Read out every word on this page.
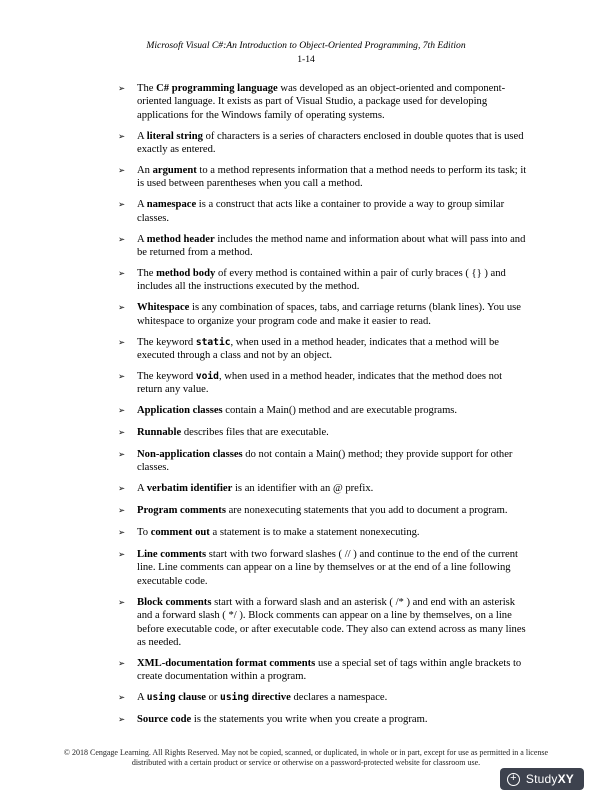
Microsoft Visual C#:An Introduction to Object-Oriented Programming, 7th Edition
1-14
➢	The C# programming language was developed as an object-oriented and component-oriented language. It exists as part of Visual Studio, a package used for developing applications for the Windows family of operating systems.
➢	A literal string of characters is a series of characters enclosed in double quotes that is used exactly as entered.
➢	An argument to a method represents information that a method needs to perform its task; it is used between parentheses when you call a method.
➢	A namespace is a construct that acts like a container to provide a way to group similar classes.
➢	A method header includes the method name and information about what will pass into and be returned from a method.
➢	The method body of every method is contained within a pair of curly braces ( {} ) and includes all the instructions executed by the method.
➢	Whitespace is any combination of spaces, tabs, and carriage returns (blank lines). You use whitespace to organize your program code and make it easier to read.
➢	The keyword static, when used in a method header, indicates that a method will be executed through a class and not by an object.
➢	The keyword void, when used in a method header, indicates that the method does not return any value.
➢	Application classes contain a Main() method and are executable programs.
➢	Runnable describes files that are executable.
➢	Non-application classes do not contain a Main() method; they provide support for other classes.
➢	A verbatim identifier is an identifier with an @ prefix.
➢	Program comments are nonexecuting statements that you add to document a program.
➢	To comment out a statement is to make a statement nonexecuting.
➢	Line comments start with two forward slashes ( // ) and continue to the end of the current line. Line comments can appear on a line by themselves or at the end of a line following executable code.
➢	Block comments start with a forward slash and an asterisk ( /* ) and end with an asterisk and a forward slash ( */ ). Block comments can appear on a line by themselves, on a line before executable code, or after executable code. They also can extend across as many lines as needed.
➢	XML-documentation format comments use a special set of tags within angle brackets to create documentation within a program.
➢	A using clause or using directive declares a namespace.
➢	Source code is the statements you write when you create a program.
© 2018 Cengage Learning. All Rights Reserved. May not be copied, scanned, or duplicated, in whole or in part, except for use as permitted in a license distributed with a certain product or service or otherwise on a password-protected website for classroom use.
+ StudyXY
